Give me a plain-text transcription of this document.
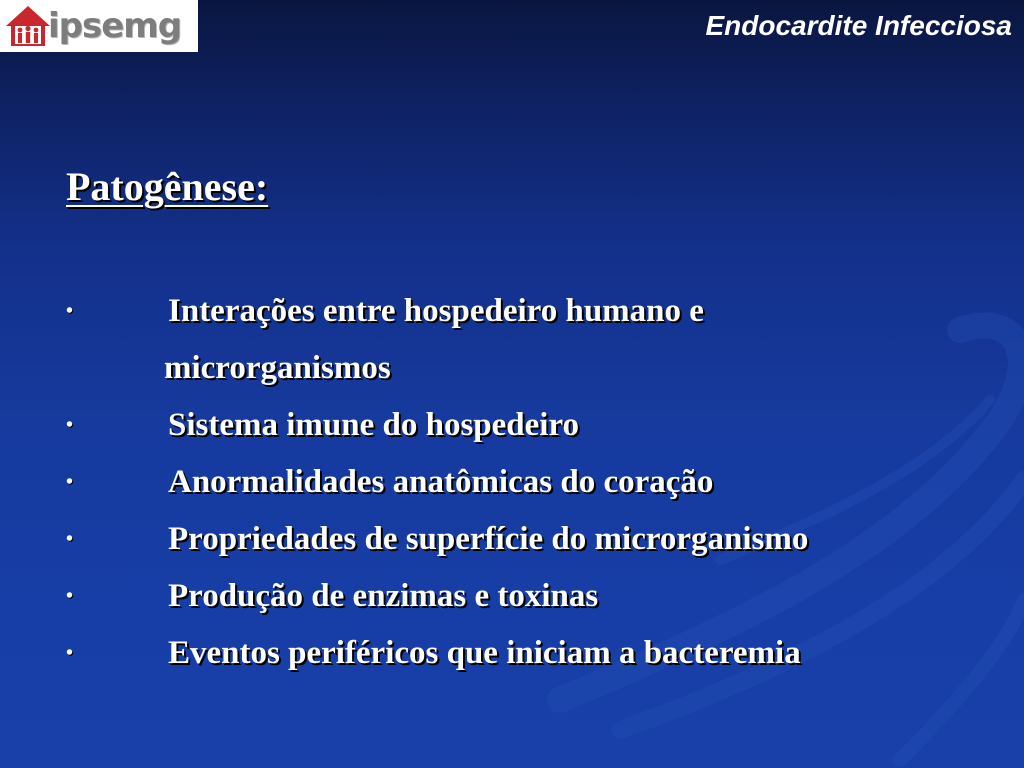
ipsemg	Endocardite Infecciosa
Patogênese:
•	Interações entre hospedeiro humano e
microrganismos
•	Sistema imune do hospedeiro
•	Anormalidades anatômicas do coração
•	Propriedades de superfície do microrganismo
•	Produção de enzimas e toxinas
•	Eventos periféricos que iniciam a bacteremia
